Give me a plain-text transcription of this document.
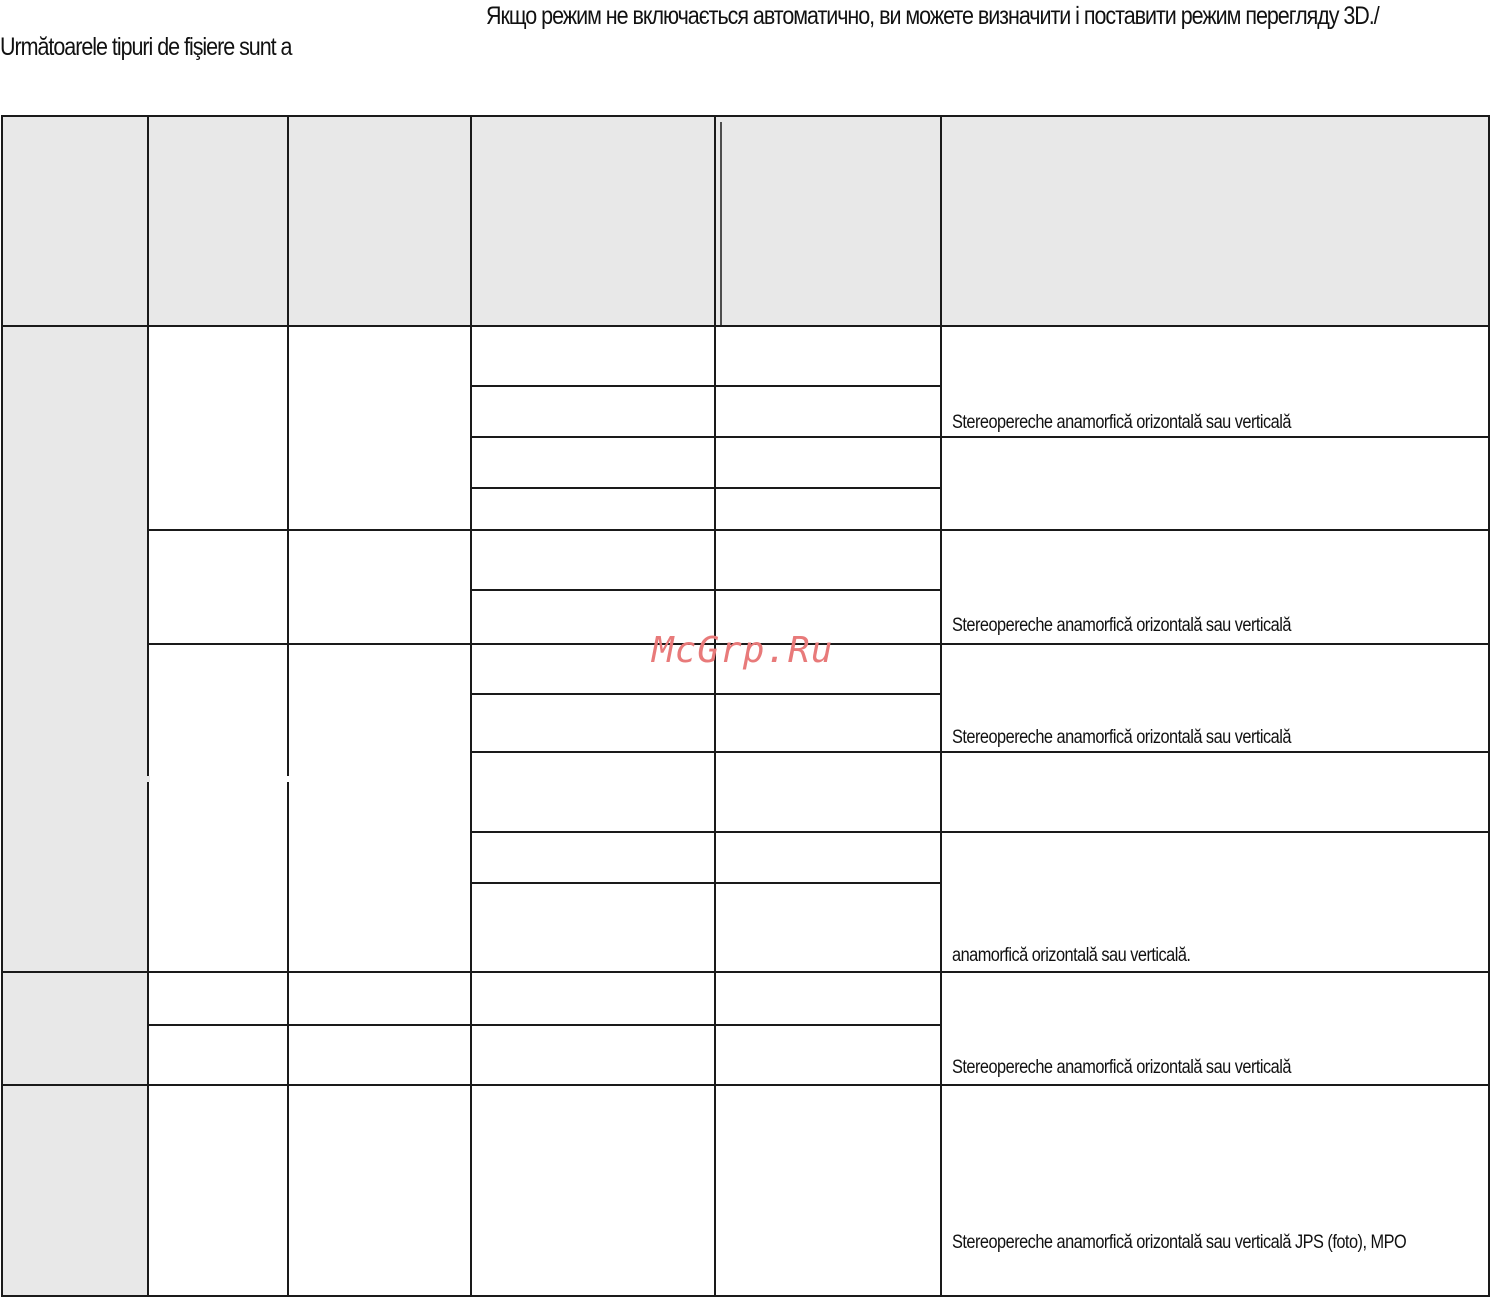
Якщо режим не включається автоматично, ви можете визначити і поставити режим перегляду 3D./
Următoarele tipuri de fişiere sunt a
Stereopereche anamorfică orizontală sau verticală
Stereopereche anamorfică orizontală sau verticală
Stereopereche anamorfică orizontală sau verticală
anamorfică orizontală sau verticală.
Stereopereche anamorfică orizontală sau verticală
Stereopereche anamorfică orizontală sau verticală JPS (foto), MPO
McGrp.Ru
